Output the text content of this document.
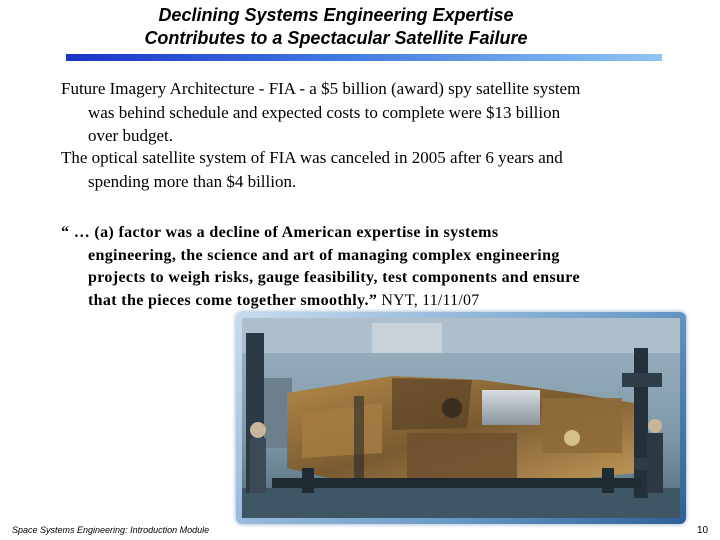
Declining Systems Engineering Expertise
Contributes to a Spectacular Satellite Failure
Future Imagery Architecture - FIA - a $5 billion (award) spy satellite system
was behind schedule and expected costs to complete were $13 billion
over budget.
The optical satellite system of FIA was canceled in 2005 after 6 years and
spending more than $4 billion.
“ … (a) factor was a decline of American expertise in systems
engineering, the science and art of managing complex engineering
projects to weigh risks, gauge feasibility, test components and ensure
that the pieces come together smoothly.” NYT, 11/11/07
Space Systems Engineering: Introduction Module	10
